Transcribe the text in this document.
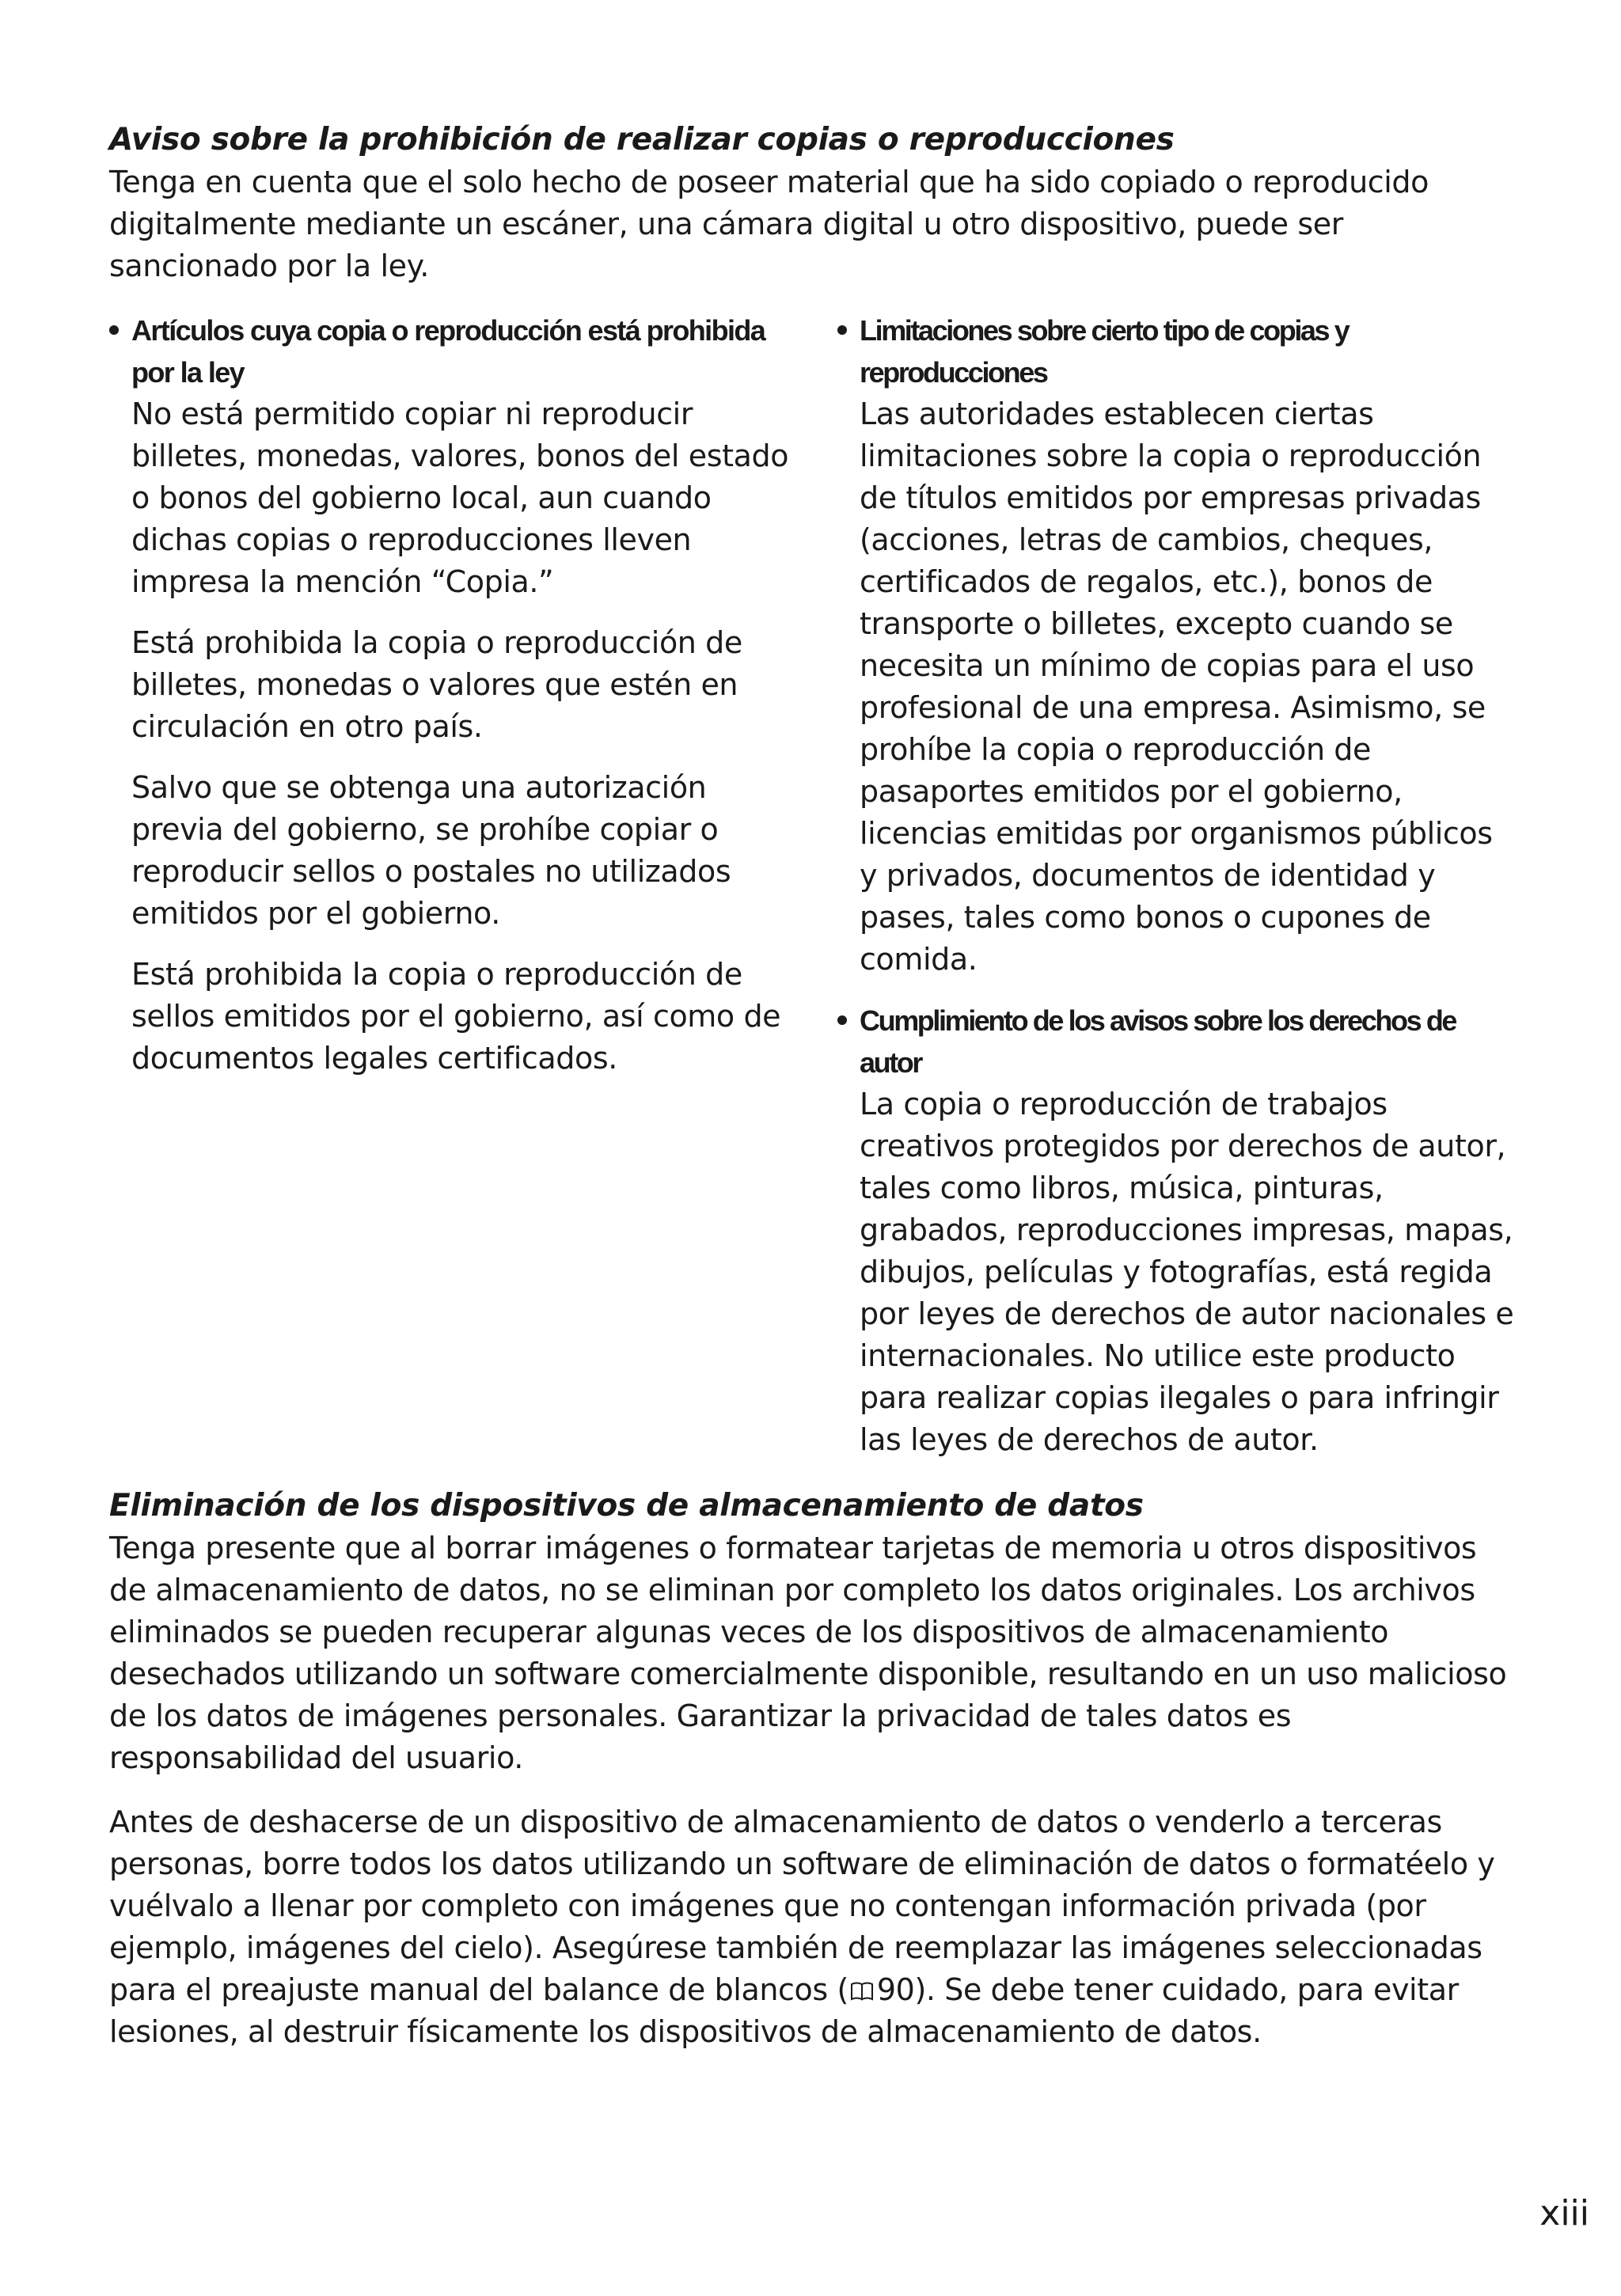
Aviso sobre la prohibición de realizar copias o reproducciones

Tenga en cuenta que el solo hecho de poseer material que ha sido copiado o reproducido digitalmente mediante un escáner, una cámara digital u otro dispositivo, puede ser sancionado por la ley.

Artículos cuya copia o reproducción está prohibida por la ley

No está permitido copiar ni reproducir billetes, monedas, valores, bonos del estado o bonos del gobierno local, aun cuando dichas copias o reproducciones lleven impresa la mención “Copia.”

Está prohibida la copia o reproducción de billetes, monedas o valores que estén en circulación en otro país.

Salvo que se obtenga una autorización previa del gobierno, se prohíbe copiar o reproducir sellos o postales no utilizados emitidos por el gobierno.

Está prohibida la copia o reproducción de sellos emitidos por el gobierno, así como de documentos legales certificados.

Limitaciones sobre cierto tipo de copias y reproducciones

Las autoridades establecen ciertas limitaciones sobre la copia o reproducción de títulos emitidos por empresas privadas (acciones, letras de cambios, cheques, certificados de regalos, etc.), bonos de transporte o billetes, excepto cuando se necesita un mínimo de copias para el uso profesional de una empresa. Asimismo, se prohíbe la copia o reproducción de pasaportes emitidos por el gobierno, licencias emitidas por organismos públicos y privados, documentos de identidad y pases, tales como bonos o cupones de comida.

Cumplimiento de los avisos sobre los derechos de autor

La copia o reproducción de trabajos creativos protegidos por derechos de autor, tales como libros, música, pinturas, grabados, reproducciones impresas, mapas, dibujos, películas y fotografías, está regida por leyes de derechos de autor nacionales e internacionales. No utilice este producto para realizar copias ilegales o para infringir las leyes de derechos de autor.

Eliminación de los dispositivos de almacenamiento de datos

Tenga presente que al borrar imágenes o formatear tarjetas de memoria u otros dispositivos de almacenamiento de datos, no se eliminan por completo los datos originales. Los archivos eliminados se pueden recuperar algunas veces de los dispositivos de almacenamiento desechados utilizando un software comercialmente disponible, resultando en un uso malicioso de los datos de imágenes personales. Garantizar la privacidad de tales datos es responsabilidad del usuario.

Antes de deshacerse de un dispositivo de almacenamiento de datos o venderlo a terceras personas, borre todos los datos utilizando un software de eliminación de datos o formatéelo y vuélvalo a llenar por completo con imágenes que no contengan información privada (por ejemplo, imágenes del cielo). Asegúrese también de reemplazar las imágenes seleccionadas para el preajuste manual del balance de blancos ( 90). Se debe tener cuidado, para evitar lesiones, al destruir físicamente los dispositivos de almacenamiento de datos.

xiii
